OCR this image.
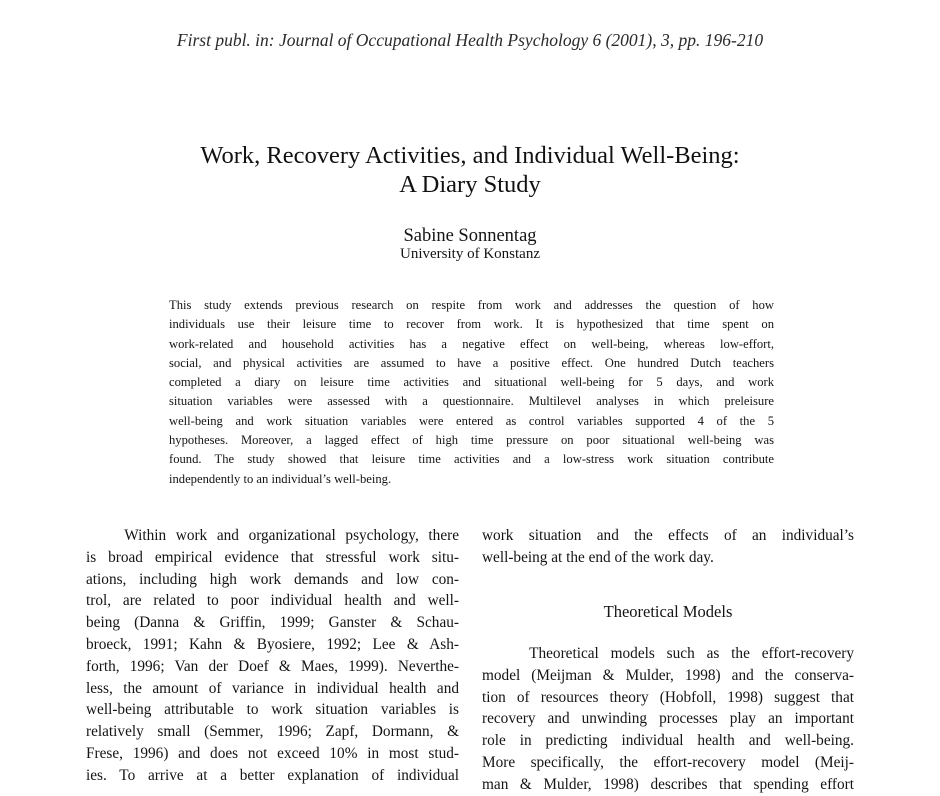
First publ. in: Journal of Occupational Health Psychology 6 (2001), 3, pp. 196-210
Work, Recovery Activities, and Individual Well-Being:
A Diary Study
Sabine Sonnentag
University of Konstanz
This study extends previous research on respite from work and addresses the question of how
individuals use their leisure time to recover from work. It is hypothesized that time spent on
work-related and household activities has a negative effect on well-being, whereas low-effort,
social, and physical activities are assumed to have a positive effect. One hundred Dutch teachers
completed a diary on leisure time activities and situational well-being for 5 days, and work
situation variables were assessed with a questionnaire. Multilevel analyses in which preleisure
well-being and work situation variables were entered as control variables supported 4 of the 5
hypotheses. Moreover, a lagged effect of high time pressure on poor situational well-being was
found. The study showed that leisure time activities and a low-stress work situation contribute
independently to an individual’s well-being.
Within work and organizational psychology, there
is broad empirical evidence that stressful work situ-
ations, including high work demands and low con-
trol, are related to poor individual health and well-
being (Danna & Griffin, 1999; Ganster & Schau-
broeck, 1991; Kahn & Byosiere, 1992; Lee & Ash-
forth, 1996; Van der Doef & Maes, 1999). Neverthe-
less, the amount of variance in individual health and
well-being attributable to work situation variables is
relatively small (Semmer, 1996; Zapf, Dormann, &
Frese, 1996) and does not exceed 10% in most stud-
ies. To arrive at a better explanation of individual
work situation and the effects of an individual’s
well-being at the end of the work day.
Theoretical Models
Theoretical models such as the effort-recovery
model (Meijman & Mulder, 1998) and the conserva-
tion of resources theory (Hobfoll, 1998) suggest that
recovery and unwinding processes play an important
role in predicting individual health and well-being.
More specifically, the effort-recovery model (Meij-
man & Mulder, 1998) describes that spending effort
